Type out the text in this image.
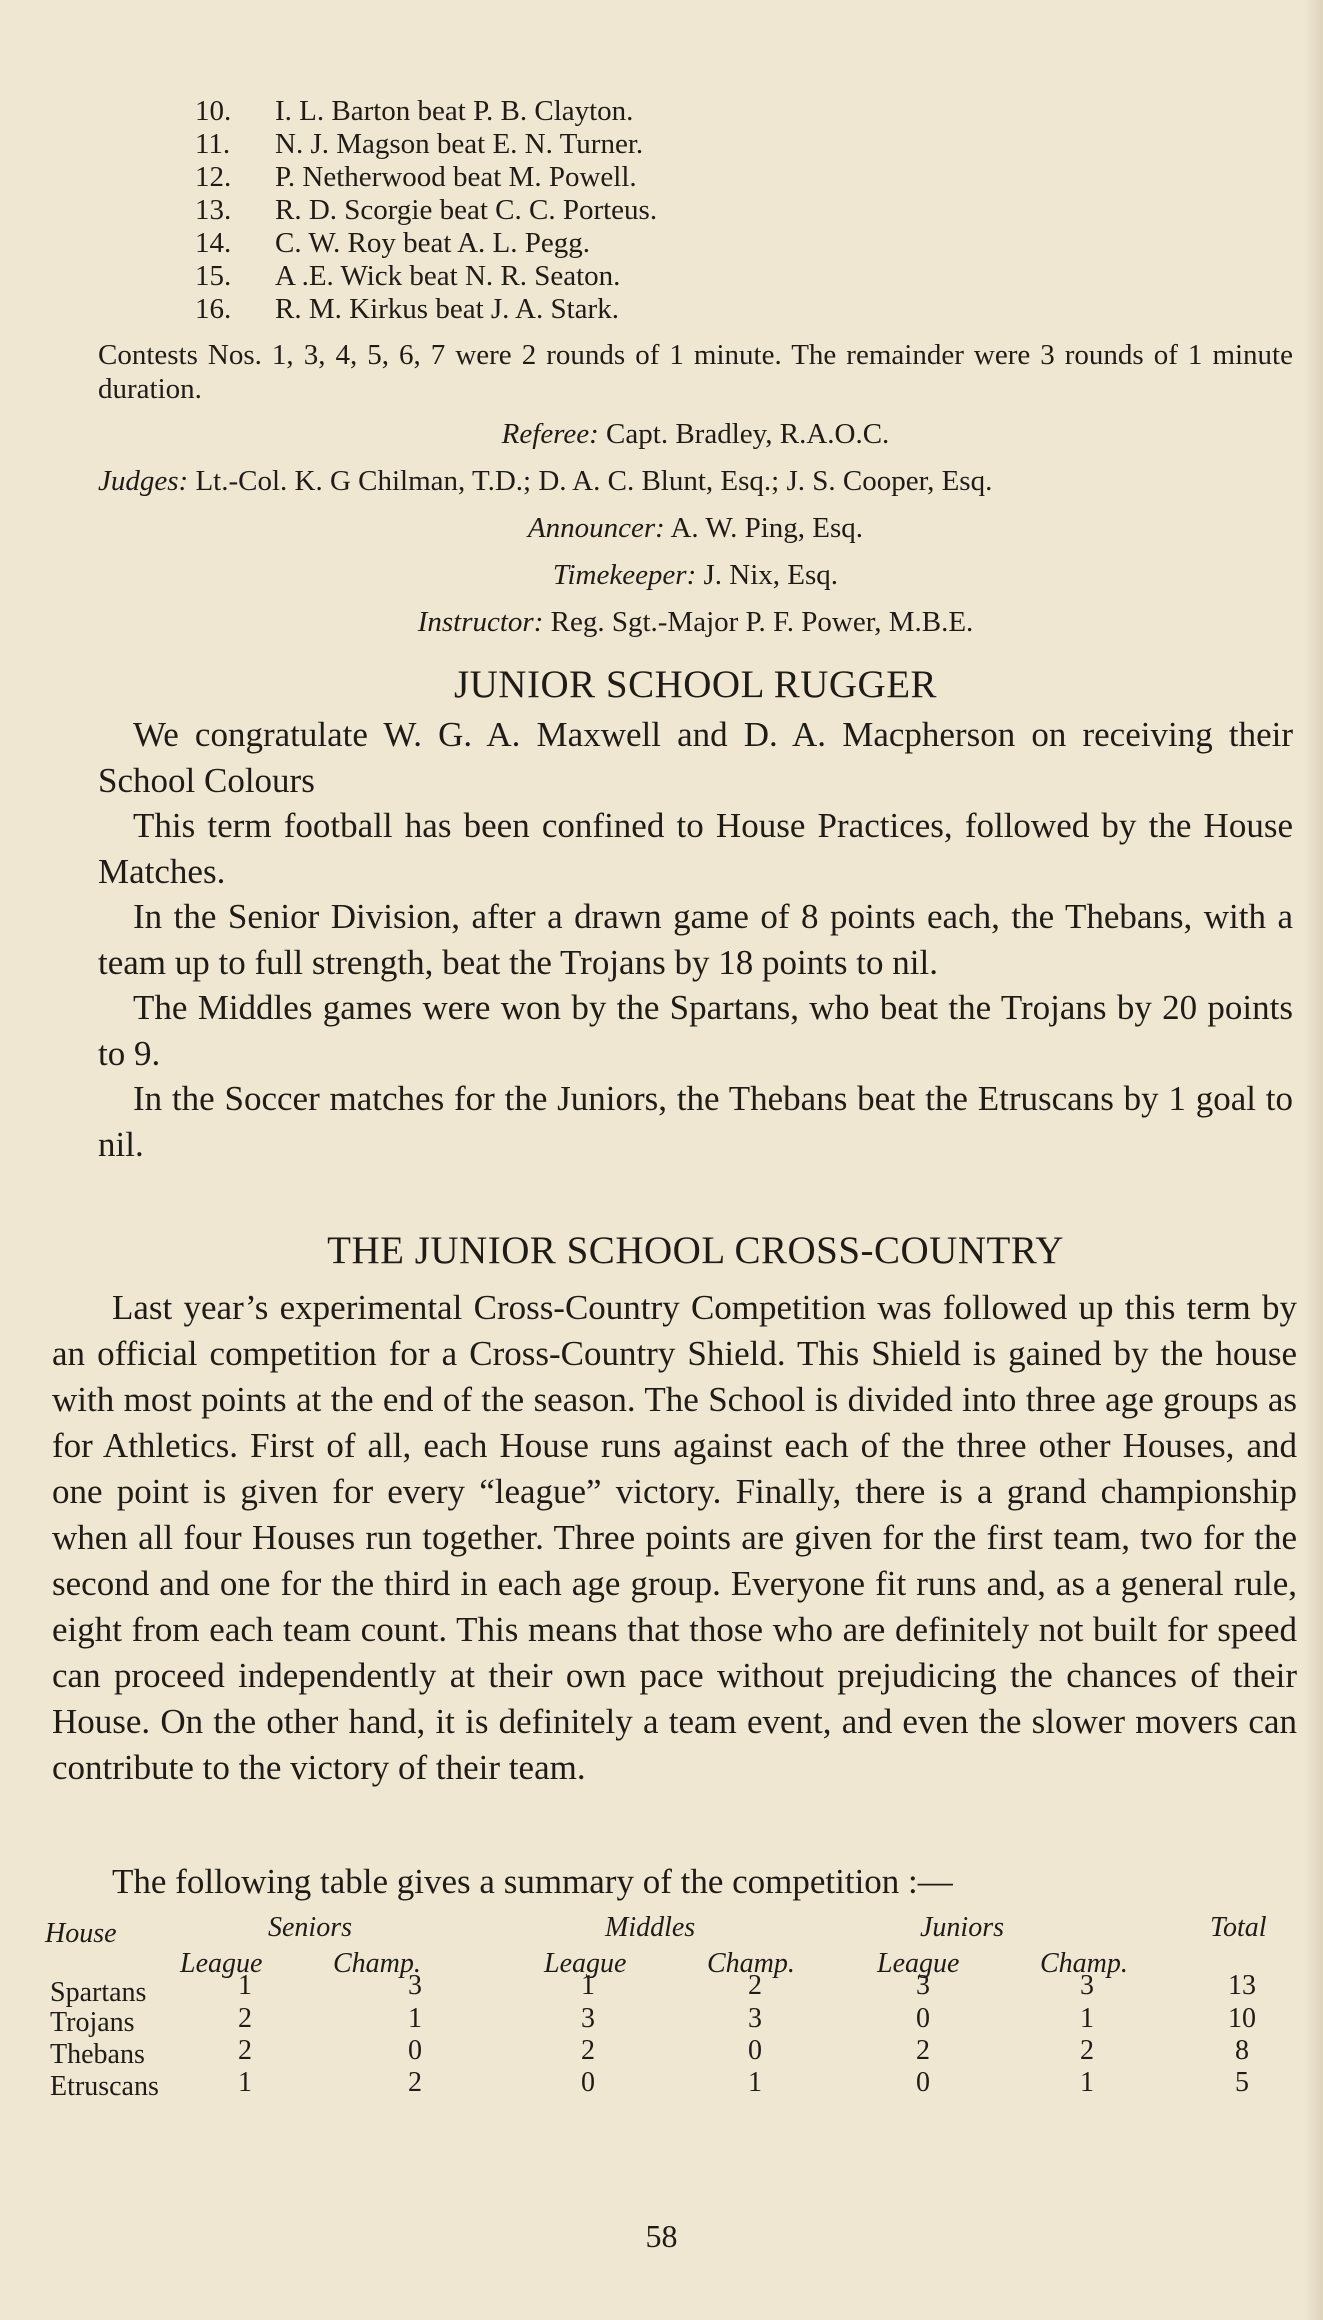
10.	I. L. Barton beat P. B. Clayton.
11.	N. J. Magson beat E. N. Turner.
12.	P. Netherwood beat M. Powell.
13.	R. D. Scorgie beat C. C. Porteus.
14.	C. W. Roy beat A. L. Pegg.
15.	A .E. Wick beat N. R. Seaton.
16.	R. M. Kirkus beat J. A. Stark.
Contests Nos. 1, 3, 4, 5, 6, 7 were 2 rounds of 1 minute. The remainder were 3 rounds of 1 minute duration.
Referee: Capt. Bradley, R.A.O.C.
Judges: Lt.-Col. K. G Chilman, T.D.; D. A. C. Blunt, Esq.; J. S. Cooper, Esq.
Announcer: A. W. Ping, Esq.
Timekeeper: J. Nix, Esq.
Instructor: Reg. Sgt.-Major P. F. Power, M.B.E.
JUNIOR SCHOOL RUGGER

We congratulate W. G. A. Maxwell and D. A. Macpherson on receiving their School Colours

This term football has been confined to House Practices, followed by the House Matches.

In the Senior Division, after a drawn game of 8 points each, the Thebans, with a team up to full strength, beat the Trojans by 18 points to nil.

The Middles games were won by the Spartans, who beat the Trojans by 20 points to 9.

In the Soccer matches for the Juniors, the Thebans beat the Etruscans by 1 goal to nil.

THE JUNIOR SCHOOL CROSS-COUNTRY

Last year’s experimental Cross-Country Competition was followed up this term by an official competition for a Cross-Country Shield. This Shield is gained by the house with most points at the end of the season. The School is divided into three age groups as for Athletics. First of all, each House runs against each of the three other Houses, and one point is given for every “league” victory. Finally, there is a grand championship when all four Houses run together. Three points are given for the first team, two for the second and one for the third in each age group. Everyone fit runs and, as a general rule, eight from each team count. This means that those who are definitely not built for speed can proceed independently at their own pace without prejudicing the chances of their House. On the other hand, it is definitely a team event, and even the slower movers can contribute to the victory of their team.

The following table gives a summary of the competition :—
House	Seniors	Middles	Juniors	Total
League	Champ.	League	Champ.	League	Champ.
Spartans	1	3	1	2	3	3	13
Trojans	2	1	3	3	0	1	10
Thebans	2	0	2	0	2	2	8
Etruscans	1	2	0	1	0	1	5
58
